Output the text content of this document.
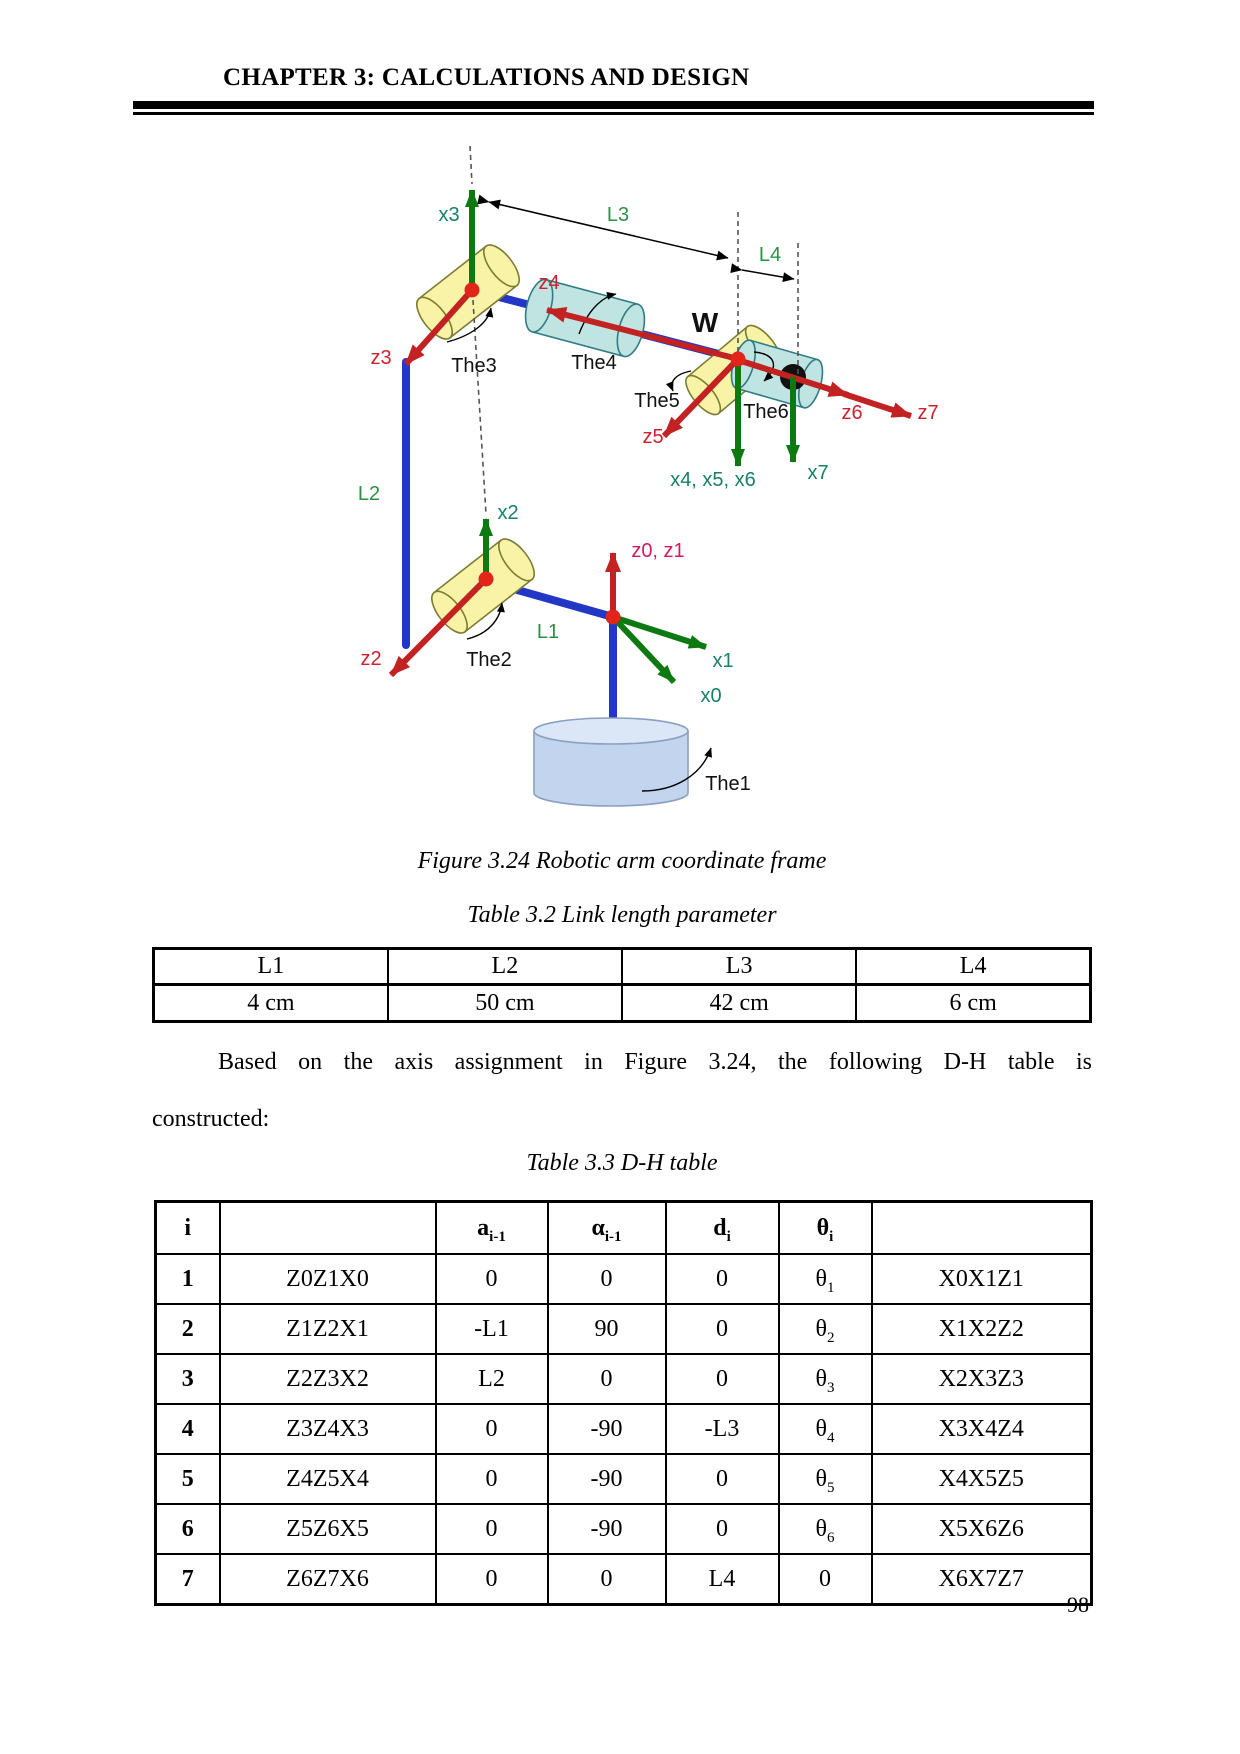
CHAPTER 3: CALCULATIONS AND DESIGN
x3
x2
x1
x0
x4, x5, x6	x7
z3
z2
z4
z5
z6	z7
z0, z1
L1
L2
L3
L4
The1
The2
The3	The4
The5	The6
W
Figure 3.24 Robotic arm coordinate frame
Table 3.2 Link length parameter
L1	L2	L3	L4
4 cm	50 cm	42 cm	6 cm
Based on the axis assignment in Figure 3.24, the following D-H table is
constructed:
Table 3.3 D-H table
i		$a_{i-1}$	$\alpha_{i-1}$	$d_i$	$\theta_i$	
1	Z0Z1X0	0	0	0	$\theta_1$	X0X1Z1
2	Z1Z2X1	-L1	90	0	$\theta_2$	X1X2Z2
3	Z2Z3X2	L2	0	0	$\theta_3$	X2X3Z3
4	Z3Z4X3	0	-90	-L3	$\theta_4$	X3X4Z4
5	Z4Z5X4	0	-90	0	$\theta_5$	X4X5Z5
6	Z5Z6X5	0	-90	0	$\theta_6$	X5X6Z6
7	Z6Z7X6	0	0	L4	0	X6X7Z7
98
